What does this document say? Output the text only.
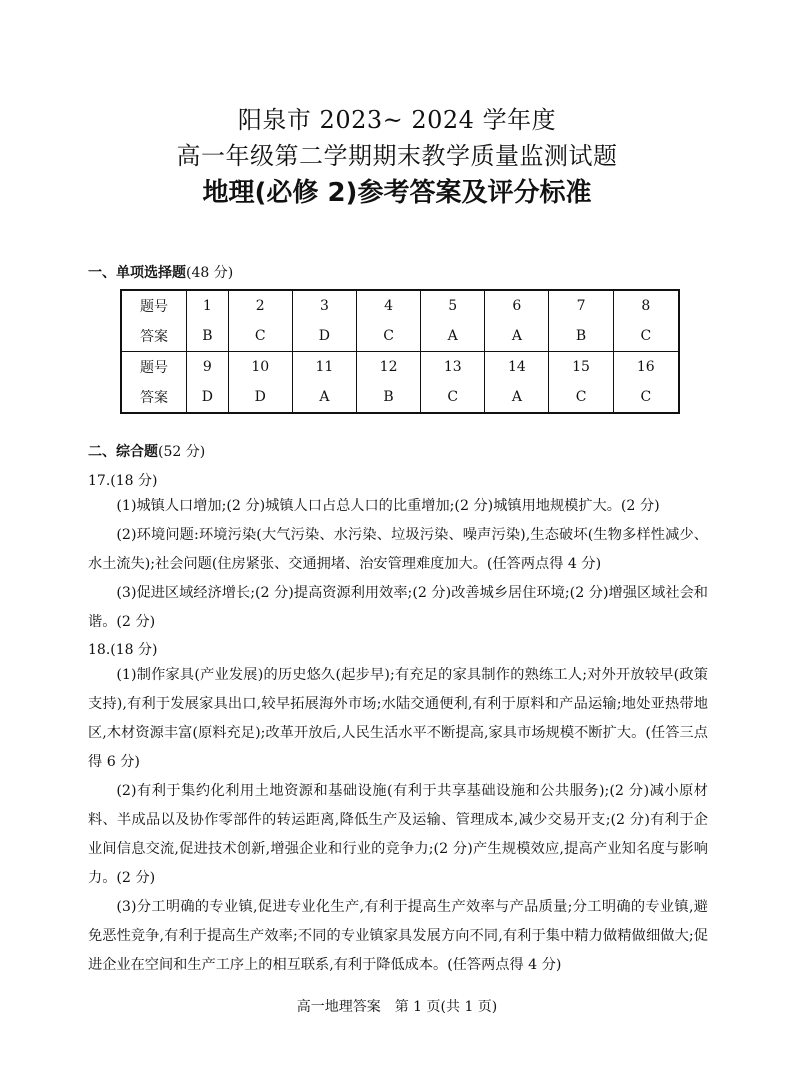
阳泉市 2023~ 2024 学年度
高一年级第二学期期末教学质量监测试题
地理(必修 2)参考答案及评分标准
一、单项选择题(48 分)
题号	1	2	3	4	5	6	7	8
答案	B	C	D	C	A	A	B	C
题号	9	10	11	12	13	14	15	16
答案	D	D	A	B	C	A	C	C
二、综合题(52 分)
17.(18 分)
(1)城镇人口增加;(2 分)城镇人口占总人口的比重增加;(2 分)城镇用地规模扩大。(2 分)
(2)环境问题:环境污染(大气污染、水污染、垃圾污染、噪声污染),生态破坏(生物多样性减少、水土流失);社会问题(住房紧张、交通拥堵、治安管理难度加大。(任答两点得 4 分)
(3)促进区域经济增长;(2 分)提高资源利用效率;(2 分)改善城乡居住环境;(2 分)增强区域社会和谐。(2 分)
18.(18 分)
(1)制作家具(产业发展)的历史悠久(起步早);有充足的家具制作的熟练工人;对外开放较早(政策支持),有利于发展家具出口,较早拓展海外市场;水陆交通便利,有利于原料和产品运输;地处亚热带地区,木材资源丰富(原料充足);改革开放后,人民生活水平不断提高,家具市场规模不断扩大。(任答三点得 6 分)
(2)有利于集约化利用土地资源和基础设施(有利于共享基础设施和公共服务);(2 分)减小原材料、半成品以及协作零部件的转运距离,降低生产及运输、管理成本,减少交易开支;(2 分)有利于企业间信息交流,促进技术创新,增强企业和行业的竞争力;(2 分)产生规模效应,提高产业知名度与影响力。(2 分)
(3)分工明确的专业镇,促进专业化生产,有利于提高生产效率与产品质量;分工明确的专业镇,避免恶性竞争,有利于提高生产效率;不同的专业镇家具发展方向不同,有利于集中精力做精做细做大;促进企业在空间和生产工序上的相互联系,有利于降低成本。(任答两点得 4 分)
高一地理答案　第 1 页(共 1 页)
